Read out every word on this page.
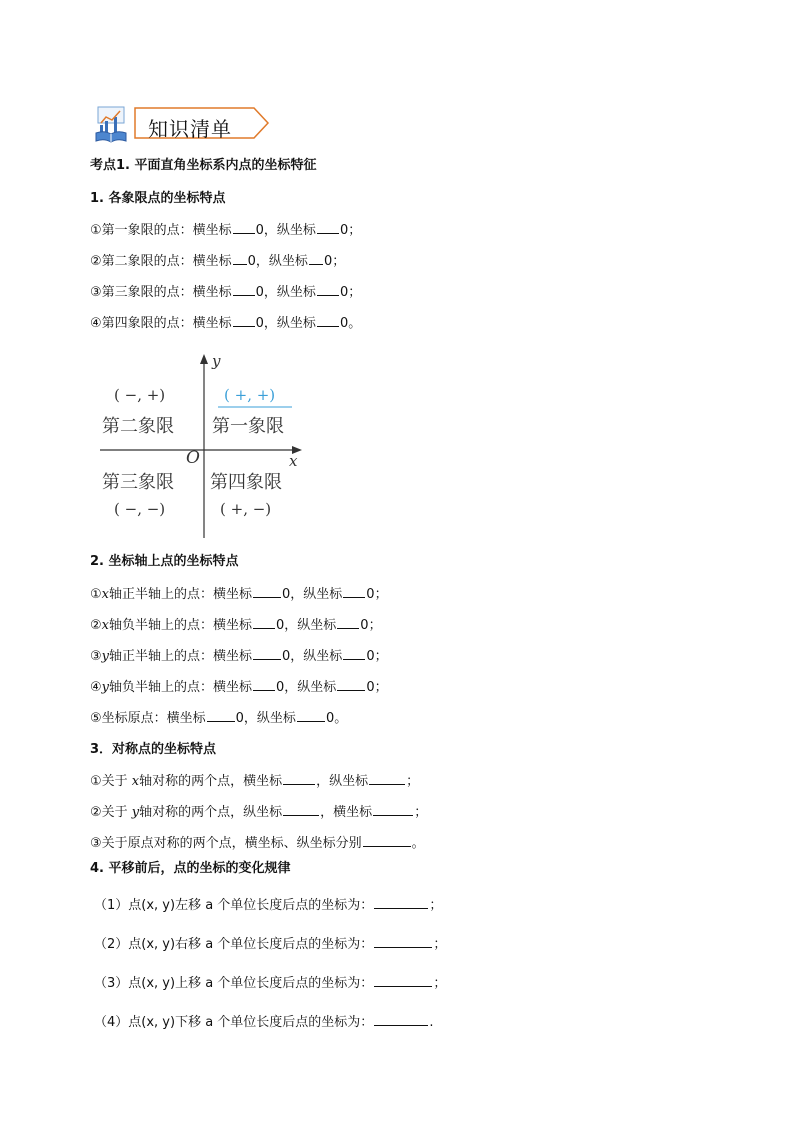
知识清单
考点1. 平面直角坐标系内点的坐标特征
1. 各象限点的坐标特点
①第一象限的点：横坐标 0，纵坐标 0；
②第二象限的点：横坐标 0，纵坐标 0；
③第三象限的点：横坐标 0，纵坐标 0；
④第四象限的点：横坐标 0，纵坐标 0。
y
x
O
( −, +)
第二象限
( +, +)
第一象限
第三象限
( −, −)
第四象限
( +, −)
2. 坐标轴上点的坐标特点
①x轴正半轴上的点：横坐标 0，纵坐标 0；
②x轴负半轴上的点：横坐标 0，纵坐标 0；
③y轴正半轴上的点：横坐标 0，纵坐标 0；
④y轴负半轴上的点：横坐标 0，纵坐标 0；
⑤坐标原点：横坐标 0，纵坐标 0。
3．对称点的坐标特点
①关于 x轴对称的两个点，横坐标	，纵坐标	；
②关于 y轴对称的两个点，纵坐标	，横坐标	；
③关于原点对称的两个点，横坐标、纵坐标分别	。
4. 平移前后，点的坐标的变化规律
（1）点(x, y)左移 a 个单位长度后点的坐标为：	；
（2）点(x, y)右移 a 个单位长度后点的坐标为：	；
（3）点(x, y)上移 a 个单位长度后点的坐标为：	；
（4）点(x, y)下移 a 个单位长度后点的坐标为：	.
